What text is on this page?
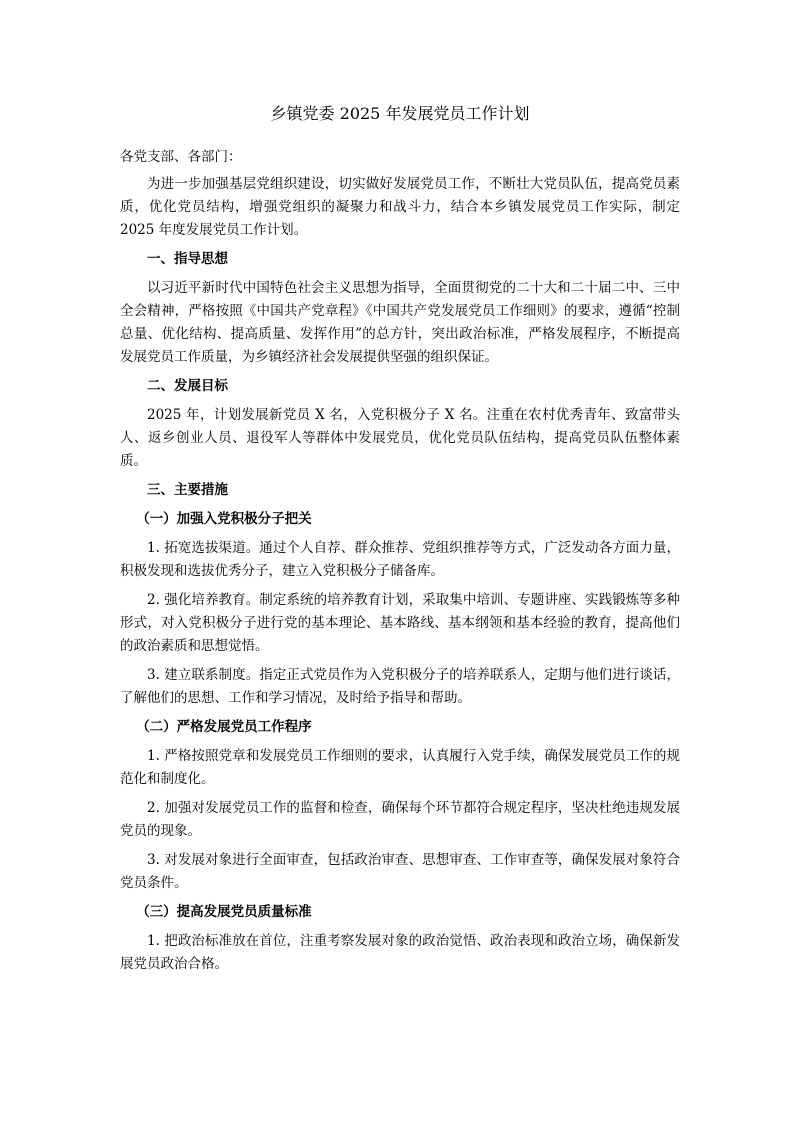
乡镇党委 2025 年发展党员工作计划

各党支部、各部门：

为进一步加强基层党组织建设，切实做好发展党员工作，不断壮大党员队伍，提高党员素质，优化党员结构，增强党组织的凝聚力和战斗力，结合本乡镇发展党员工作实际，制定 2025 年度发展党员工作计划。

一、指导思想

以习近平新时代中国特色社会主义思想为指导，全面贯彻党的二十大和二十届二中、三中全会精神，严格按照《中国共产党章程》《中国共产党发展党员工作细则》的要求，遵循“控制总量、优化结构、提高质量、发挥作用”的总方针，突出政治标准，严格发展程序，不断提高发展党员工作质量，为乡镇经济社会发展提供坚强的组织保证。

二、发展目标

2025 年，计划发展新党员 X 名，入党积极分子 X 名。注重在农村优秀青年、致富带头人、返乡创业人员、退役军人等群体中发展党员，优化党员队伍结构，提高党员队伍整体素质。

三、主要措施

（一）加强入党积极分子把关

1. 拓宽选拔渠道。通过个人自荐、群众推荐、党组织推荐等方式，广泛发动各方面力量，积极发现和选拔优秀分子，建立入党积极分子储备库。

2. 强化培养教育。制定系统的培养教育计划，采取集中培训、专题讲座、实践锻炼等多种形式，对入党积极分子进行党的基本理论、基本路线、基本纲领和基本经验的教育，提高他们的政治素质和思想觉悟。

3. 建立联系制度。指定正式党员作为入党积极分子的培养联系人，定期与他们进行谈话，了解他们的思想、工作和学习情况，及时给予指导和帮助。

（二）严格发展党员工作程序

1. 严格按照党章和发展党员工作细则的要求，认真履行入党手续，确保发展党员工作的规范化和制度化。

2. 加强对发展党员工作的监督和检查，确保每个环节都符合规定程序，坚决杜绝违规发展党员的现象。

3. 对发展对象进行全面审查，包括政治审查、思想审查、工作审查等，确保发展对象符合党员条件。

（三）提高发展党员质量标准

1. 把政治标准放在首位，注重考察发展对象的政治觉悟、政治表现和政治立场，确保新发展党员政治合格。
